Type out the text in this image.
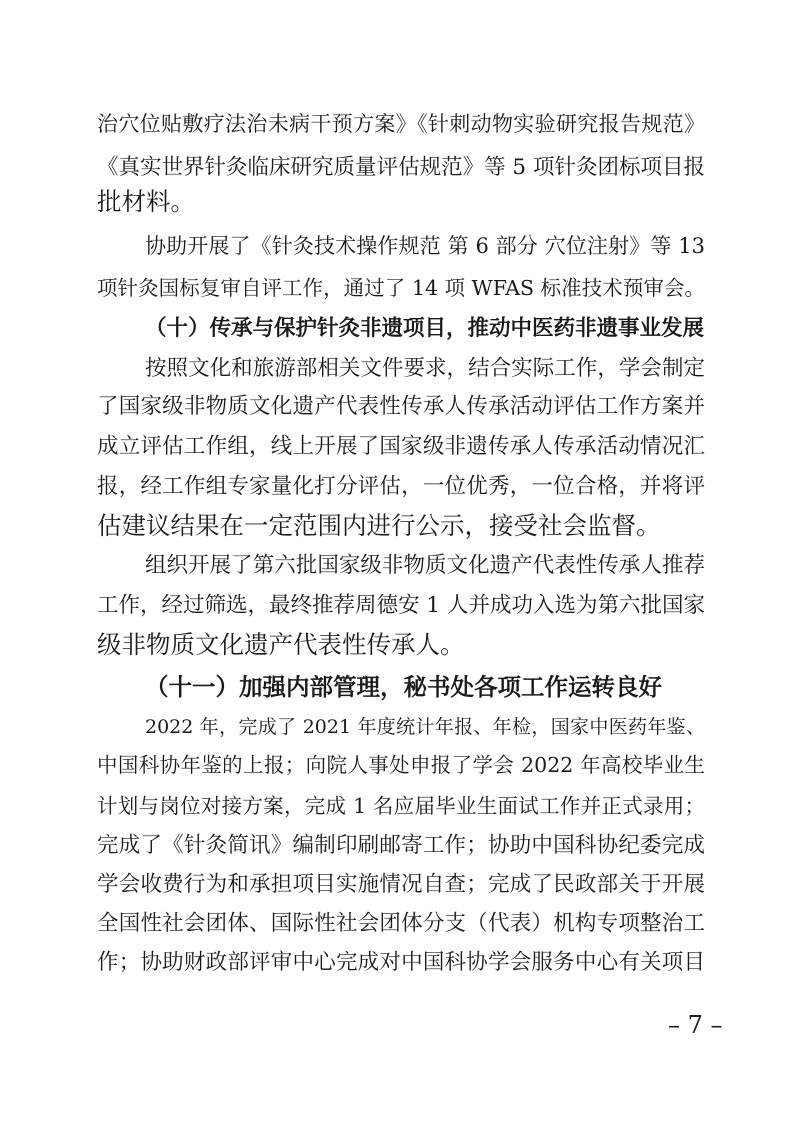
治穴位贴敷疗法治未病干预方案》《针刺动物实验研究报告规范》
《真实世界针灸临床研究质量评估规范》等 5 项针灸团标项目报
批材料。
协助开展了《针灸技术操作规范 第 6 部分 穴位注射》等 13
项针灸国标复审自评工作，通过了 14 项 WFAS 标准技术预审会。
（十）传承与保护针灸非遗项目，推动中医药非遗事业发展
按照文化和旅游部相关文件要求，结合实际工作，学会制定
了国家级非物质文化遗产代表性传承人传承活动评估工作方案并
成立评估工作组，线上开展了国家级非遗传承人传承活动情况汇
报，经工作组专家量化打分评估，一位优秀，一位合格，并将评
估建议结果在一定范围内进行公示，接受社会监督。
组织开展了第六批国家级非物质文化遗产代表性传承人推荐
工作，经过筛选，最终推荐周德安 1 人并成功入选为第六批国家
级非物质文化遗产代表性传承人。
（十一）加强内部管理，秘书处各项工作运转良好
2022 年，完成了 2021 年度统计年报、年检，国家中医药年鉴、
中国科协年鉴的上报；向院人事处申报了学会 2022 年高校毕业生
计划与岗位对接方案，完成 1 名应届毕业生面试工作并正式录用；
完成了《针灸简讯》编制印刷邮寄工作；协助中国科协纪委完成
学会收费行为和承担项目实施情况自查；完成了民政部关于开展
全国性社会团体、国际性社会团体分支（代表）机构专项整治工
作；协助财政部评审中心完成对中国科协学会服务中心有关项目
– 7 –
